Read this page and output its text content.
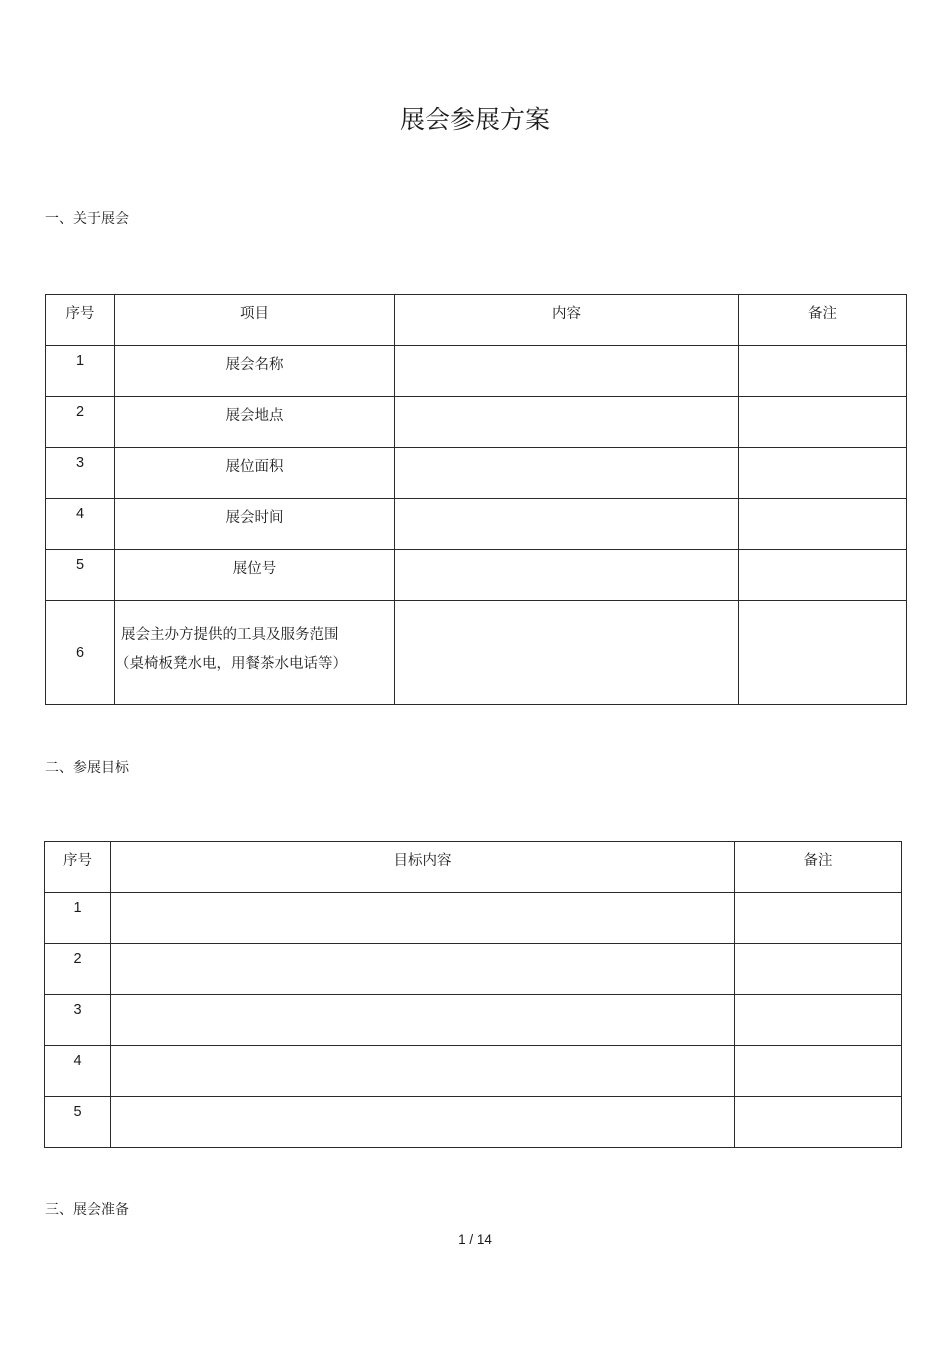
展会参展方案
一、关于展会
序号	项目	内容	备注
1	展会名称		
2	展会地点		
3	展位面积		
4	展会时间		
5	展位号		
6	展会主办方提供的工具及服务范围
（桌椅板凳水电，用餐茶水电话等）		

二、参展目标
序号	目标内容	备注
1		
2		
3		
4		
5		
三、展会准备
1 / 14
